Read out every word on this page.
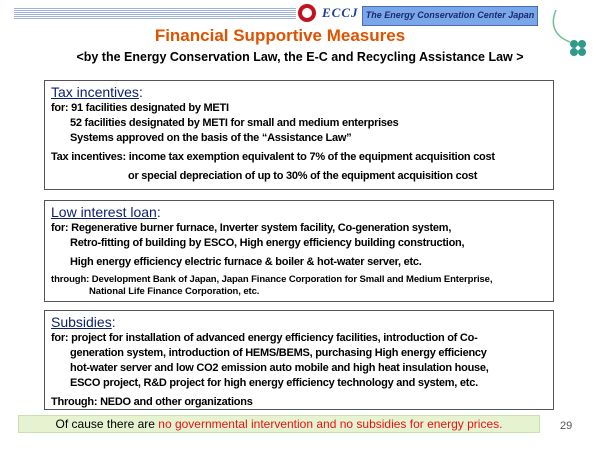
ECCJ The Energy Conservation Center Japan
Financial Supportive Measures
<by the Energy Conservation Law, the E-C and Recycling Assistance Law >
Tax incentives:
for: 91 facilities designated by METI
52 facilities designated by METI for small and medium enterprises
Systems approved on the basis of the “Assistance Law”
Tax incentives: income tax exemption equivalent to 7% of the equipment acquisition cost
or special depreciation of up to 30% of the equipment acquisition cost
Low interest loan:
for: Regenerative burner furnace, Inverter system facility, Co-generation system,
Retro-fitting of building by ESCO, High energy efficiency building construction,
High energy efficiency electric furnace & boiler & hot-water server, etc.
through: Development Bank of Japan, Japan Finance Corporation for Small and Medium Enterprise,
National Life Finance Corporation, etc.
Subsidies:
for: project for installation of advanced energy efficiency facilities, introduction of Co-
generation system, introduction of HEMS/BEMS, purchasing High energy efficiency
hot-water server and low CO2 emission auto mobile and high heat insulation house,
ESCO project, R&D project for high energy efficiency technology and system, etc.
Through: NEDO and other organizations
Of cause there are no governmental intervention and no subsidies for energy prices.	29
